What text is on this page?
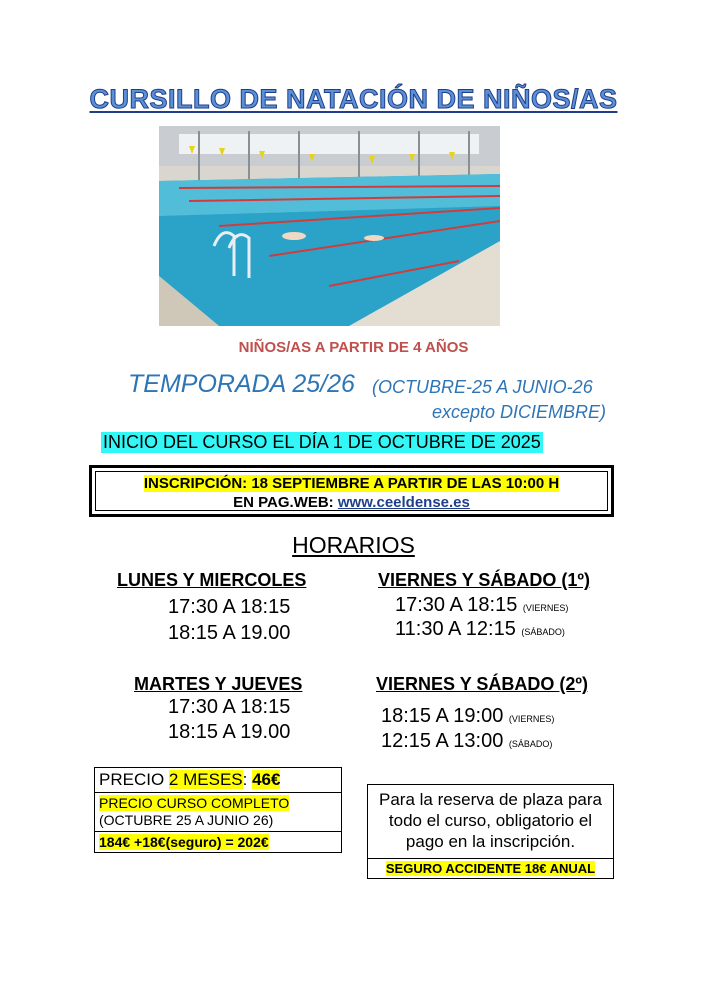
CURSILLO DE NATACIÓN DE NIÑOS/AS
NIÑOS/AS A PARTIR DE 4 AÑOS
TEMPORADA 25/26 (OCTUBRE-25 A JUNIO-26
excepto DICIEMBRE)
INICIO DEL CURSO EL DÍA 1 DE OCTUBRE DE 2025
INSCRIPCIÓN: 18 SEPTIEMBRE A PARTIR DE LAS 10:00 H
EN PAG.WEB: www.ceeldense.es
HORARIOS
LUNES Y MIERCOLES
17:30 A 18:15
18:15 A 19.00
MARTES Y JUEVES
17:30 A 18:15
18:15 A 19.00
VIERNES Y SÁBADO (1º)
17:30 A 18:15 (VIERNES)
11:30 A 12:15 (SÁBADO)
VIERNES Y SÁBADO (2º)
18:15 A 19:00 (VIERNES)
12:15 A 13:00 (SÁBADO)
PRECIO 2 MESES: 46€
PRECIO CURSO COMPLETO
(OCTUBRE 25 A JUNIO 26)
184€ +18€(seguro) = 202€
Para la reserva de plaza para todo el curso, obligatorio el pago en la inscripción.
SEGURO ACCIDENTE 18€ ANUAL
